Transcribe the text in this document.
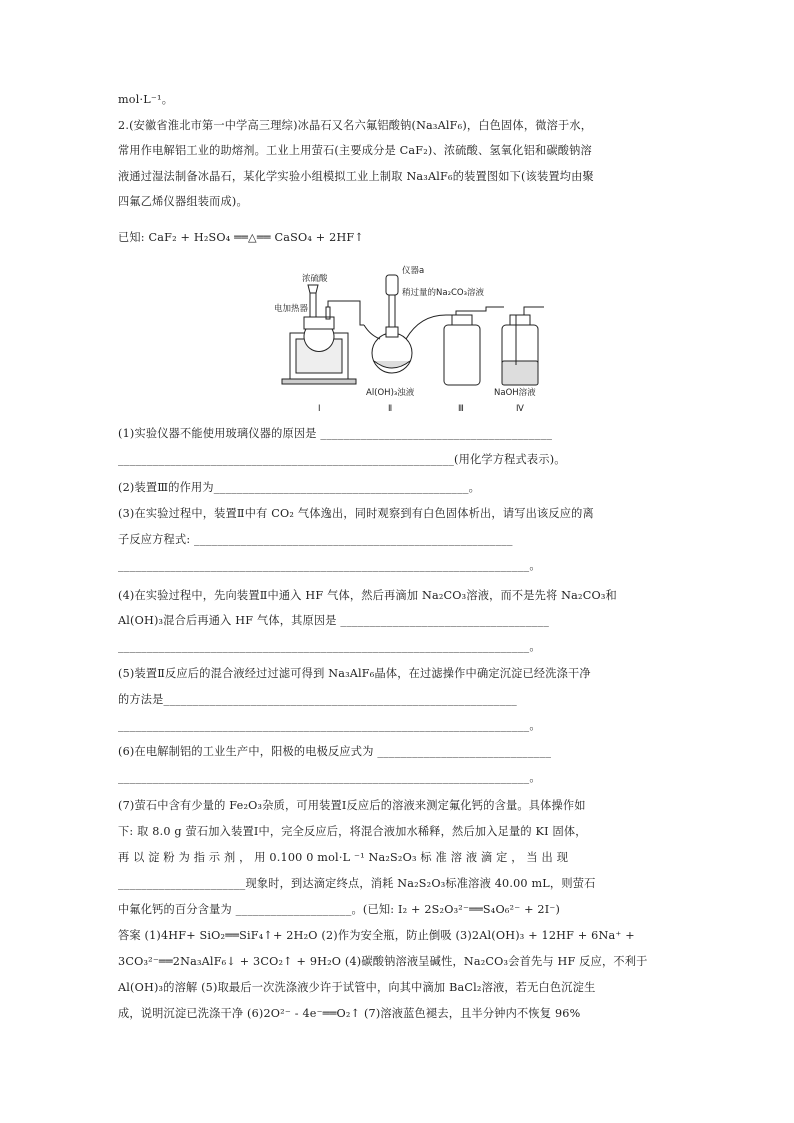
mol·L⁻¹。
2.(安徽省淮北市第一中学高三理综)冰晶石又名六氟铝酸钠(Na₃AlF₆)，白色固体，微溶于水，
常用作电解铝工业的助熔剂。工业上用萤石(主要成分是 CaF₂)、浓硫酸、氢氧化铝和碳酸钠溶
液通过湿法制备冰晶石，某化学实验小组模拟工业上制取 Na₃AlF₆的装置图如下(该装置均由聚
四氟乙烯仪器组装而成)。
已知: CaF₂ + H₂SO₄ ══△══ CaSO₄ + 2HF↑
(1)实验仪器不能使用玻璃仪器的原因是 ________________________________________
__________________________________________________________(用化学方程式表示)。
(2)装置Ⅲ的作用为____________________________________________。
(3)在实验过程中，装置Ⅱ中有 CO₂ 气体逸出，同时观察到有白色固体析出，请写出该反应的离
子反应方程式: _______________________________________________________
_______________________________________________________________________。
(4)在实验过程中，先向装置Ⅱ中通入 HF 气体，然后再滴加 Na₂CO₃溶液，而不是先将 Na₂CO₃和
Al(OH)₃混合后再通入 HF 气体，其原因是 ____________________________________
_______________________________________________________________________。
(5)装置Ⅱ反应后的混合液经过过滤可得到 Na₃AlF₆晶体，在过滤操作中确定沉淀已经洗涤干净
的方法是_____________________________________________________________
_______________________________________________________________________。
(6)在电解制铝的工业生产中，阳极的电极反应式为 ______________________________
_______________________________________________________________________。
(7)萤石中含有少量的 Fe₂O₃杂质，可用装置Ⅰ反应后的溶液来测定氟化钙的含量。具体操作如
下: 取 8.0 g 萤石加入装置Ⅰ中，完全反应后，将混合液加水稀释，然后加入足量的 KI 固体，
再 以 淀 粉 为 指 示 剂 ， 用 0.100 0 mol·L ⁻¹ Na₂S₂O₃ 标 准 溶 液 滴 定 ， 当 出 现
______________________现象时，到达滴定终点，消耗 Na₂S₂O₃标准溶液 40.00 mL，则萤石
中氟化钙的百分含量为 ____________________。(已知: I₂ + 2S₂O₃²⁻══S₄O₆²⁻ + 2I⁻)
答案 (1)4HF+ SiO₂══SiF₄↑+ 2H₂O (2)作为安全瓶，防止倒吸 (3)2Al(OH)₃ + 12HF + 6Na⁺ +
3CO₃²⁻══2Na₃AlF₆↓ + 3CO₂↑ + 9H₂O (4)碳酸钠溶液呈碱性，Na₂CO₃会首先与 HF 反应，不利于
Al(OH)₃的溶解 (5)取最后一次洗涤液少许于试管中，向其中滴加 BaCl₂溶液，若无白色沉淀生
成，说明沉淀已洗涤干净 (6)2O²⁻ - 4e⁻══O₂↑ (7)溶液蓝色褪去，且半分钟内不恢复 96%
浓硫酸
电加热器
仪器a
稍过量的Na₂CO₃溶液
Al(OH)₃浊液	NaOH溶液
Ⅰ	Ⅱ	Ⅲ	Ⅳ
